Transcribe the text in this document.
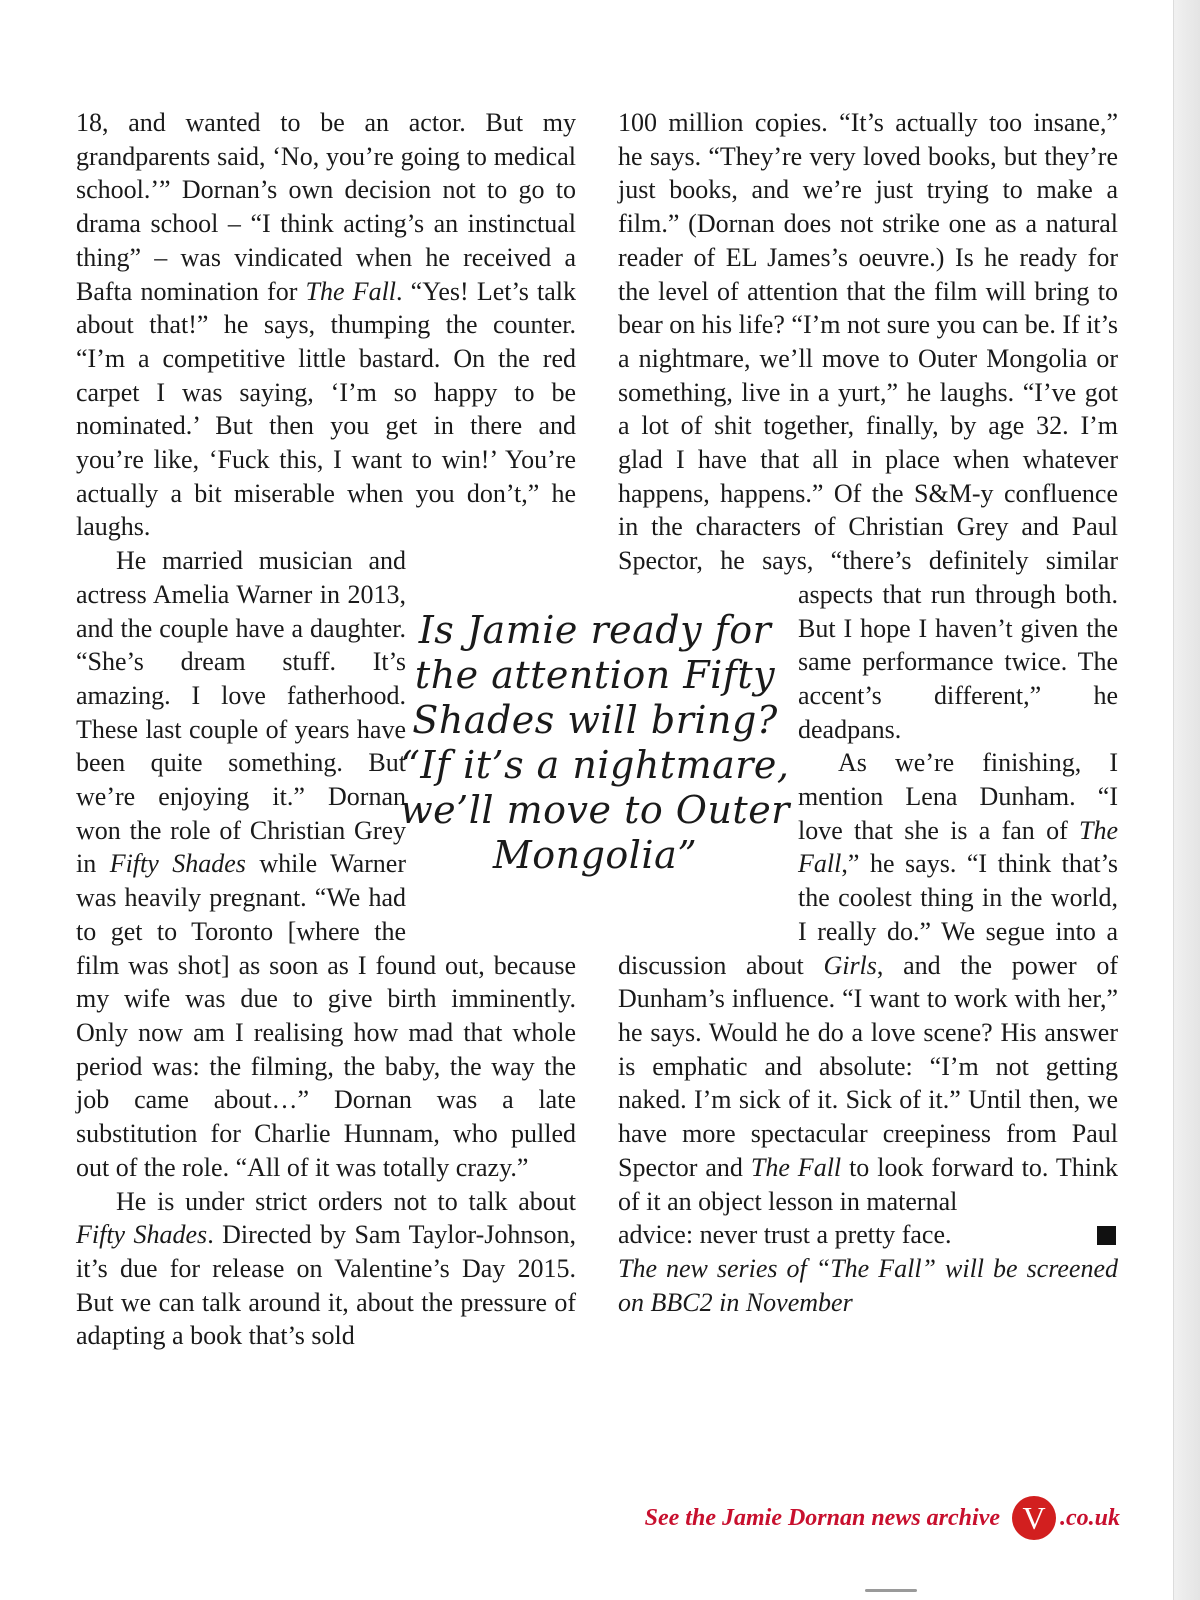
18, and wanted to be an actor. But my grandparents said, ‘No, you’re going to medical school.’” Dornan’s own decision not to go to drama school – “I think acting’s an instinctual thing” – was vindicated when he received a Bafta nomination for The Fall. “Yes! Let’s talk about that!” he says, thumping the counter. “I’m a competitive little bastard. On the red carpet I was saying, ‘I’m so happy to be nominated.’ But then you get in there and you’re like, ‘Fuck this, I want to win!’ You’re actually a bit miserable when you don’t,” he laughs.

He married musician and actress Amelia Warner in 2013, and the couple have a daughter. “She’s dream stuff. It’s amazing. I love fatherhood. These last couple of years have been quite something. But we’re enjoying it.” Dornan won the role of Christian Grey in Fifty Shades while Warner was heavily pregnant. “We had to get to Toronto [where the film was shot] as soon as I found out, because my wife was due to give birth imminently. Only now am I realising how mad that whole period was: the filming, the baby, the way the job came about…” Dornan was a late substitution for Charlie Hunnam, who pulled out of the role. “All of it was totally crazy.”

He is under strict orders not to talk about Fifty Shades. Directed by Sam Taylor-Johnson, it’s due for release on Valentine’s Day 2015. But we can talk around it, about the pressure of adapting a book that’s sold

100 million copies. “It’s actually too insane,” he says. “They’re very loved books, but they’re just books, and we’re just trying to make a film.” (Dornan does not strike one as a natural reader of EL James’s oeuvre.) Is he ready for the level of attention that the film will bring to bear on his life? “I’m not sure you can be. If it’s a nightmare, we’ll move to Outer Mongolia or something, live in a yurt,” he laughs. “I’ve got a lot of shit together, finally, by age 32. I’m glad I have that all in place when whatever happens, happens.” Of the S&M-y confluence in the characters of Christian Grey and Paul Spector, he says, “there’s definitely similar aspects that run through both. But I hope I haven’t given the same performance twice. The accent’s different,” he deadpans.

As we’re finishing, I mention Lena Dunham. “I love that she is a fan of The Fall,” he says. “I think that’s the coolest thing in the world, I really do.” We segue into a discussion about Girls, and the power of Dunham’s influence. “I want to work with her,” he says. Would he do a love scene? His answer is emphatic and absolute: “I’m not getting naked. I’m sick of it. Sick of it.” Until then, we have more spectacular creepiness from Paul Spector and The Fall to look forward to. Think of it an object lesson in maternal

advice: never trust a pretty face.

The new series of “The Fall” will be screened on BBC2 in November

Is Jamie ready for the attention Fifty Shades will bring? “If it’s a nightmare, we’ll move to Outer Mongolia”
See the Jamie Dornan news archive V .co.uk
